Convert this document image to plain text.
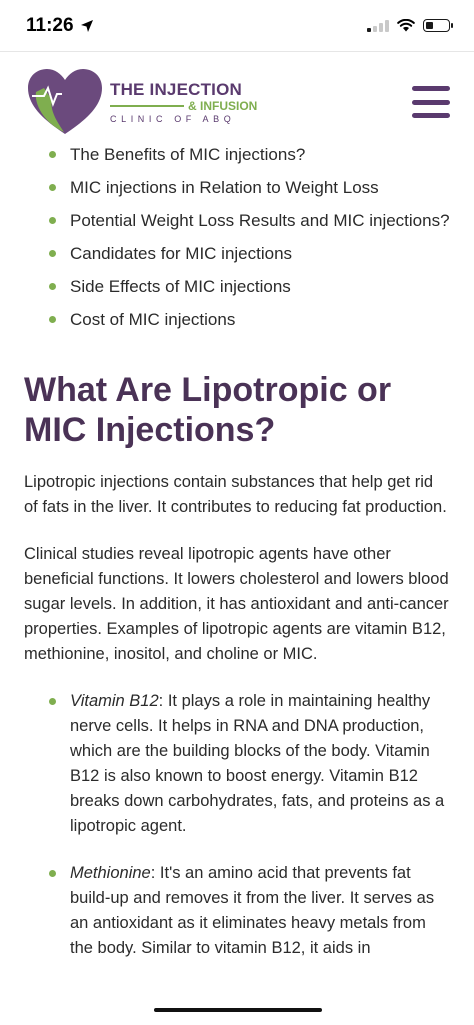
11:26
THE INJECTION
& INFUSION
CLINIC OF ABQ
The Benefits of MIC injections?
MIC injections in Relation to Weight Loss
Potential Weight Loss Results and MIC injections?
Candidates for MIC injections
Side Effects of MIC injections
Cost of MIC injections
What Are Lipotropic or MIC Injections?

Lipotropic injections contain substances that help get rid of fats in the liver. It contributes to reducing fat production.

Clinical studies reveal lipotropic agents have other beneficial functions. It lowers cholesterol and lowers blood sugar levels. In addition, it has antioxidant and anti-cancer properties. Examples of lipotropic agents are vitamin B12, methionine, inositol, and choline or MIC.

Vitamin B12: It plays a role in maintaining healthy nerve cells. It helps in RNA and DNA production, which are the building blocks of the body. Vitamin B12 is also known to boost energy. Vitamin B12 breaks down carbohydrates, fats, and proteins as a lipotropic agent.
Methionine: It's an amino acid that prevents fat build-up and removes it from the liver. It serves as an antioxidant as it eliminates heavy metals from the body. Similar to vitamin B12, it aids in
